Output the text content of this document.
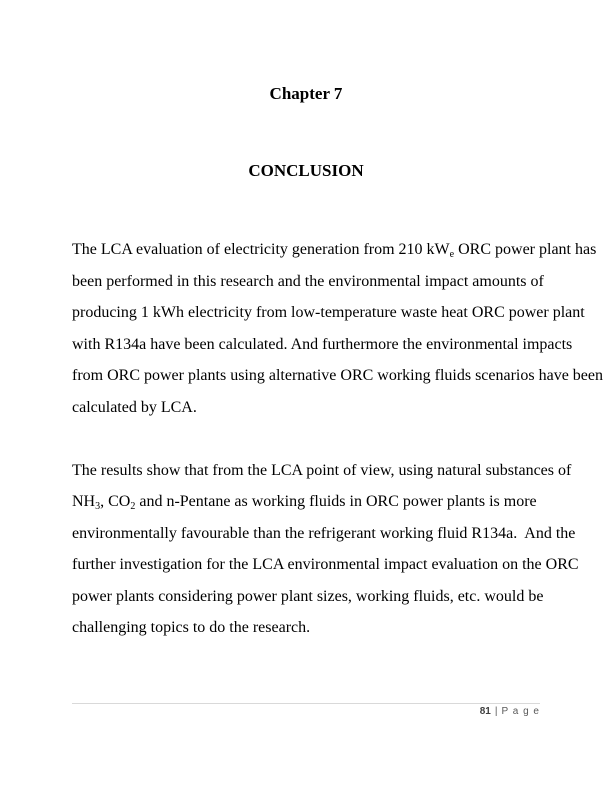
Chapter 7
CONCLUSION

The LCA evaluation of electricity generation from 210 $kW_e$ ORC power plant has
been performed in this research and the environmental impact amounts of
producing 1 kWh electricity from low-temperature waste heat ORC power plant
with R134a have been calculated. And furthermore the environmental impacts
from ORC power plants using alternative ORC working fluids scenarios have been
calculated by LCA.

The results show that from the LCA point of view, using natural substances of
$NH_3$, $CO_2$ and n-Pentane as working fluids in ORC power plants is more
environmentally favourable than the refrigerant working fluid R134a.  And the
further investigation for the LCA environmental impact evaluation on the ORC
power plants considering power plant sizes, working fluids, etc. would be
challenging topics to do the research.

81 | P a g e
